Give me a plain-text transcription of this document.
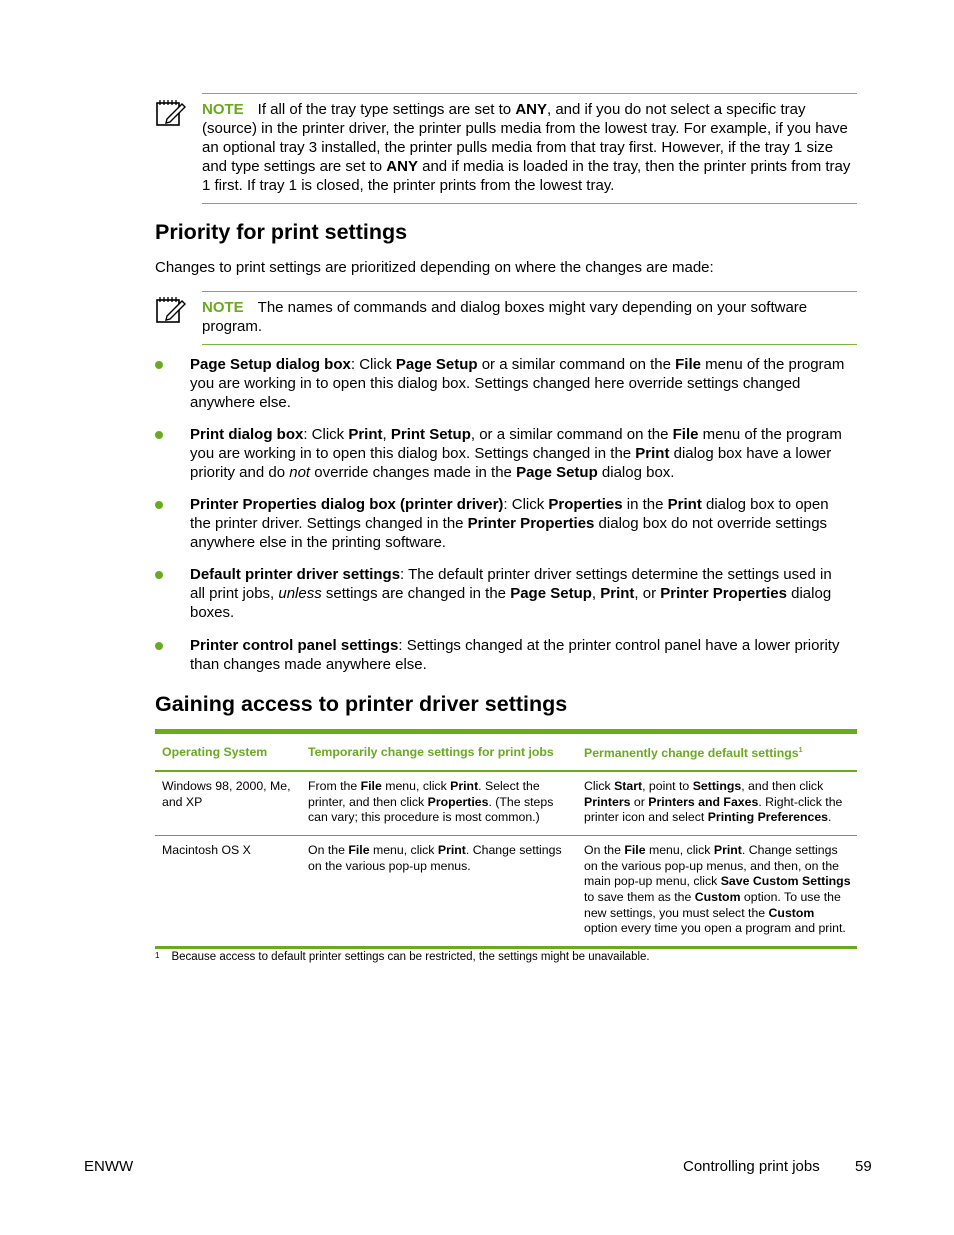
NOTE If all of the tray type settings are set to ANY, and if you do not select a specific tray (source) in the printer driver, the printer pulls media from the lowest tray. For example, if you have an optional tray 3 installed, the printer pulls media from that tray first. However, if the tray 1 size and type settings are set to ANY and if media is loaded in the tray, then the printer prints from tray 1 first. If tray 1 is closed, the printer prints from the lowest tray.
Priority for print settings
Changes to print settings are prioritized depending on where the changes are made:
NOTE The names of commands and dialog boxes might vary depending on your software program.
Page Setup dialog box: Click Page Setup or a similar command on the File menu of the program you are working in to open this dialog box. Settings changed here override settings changed anywhere else.
Print dialog box: Click Print, Print Setup, or a similar command on the File menu of the program you are working in to open this dialog box. Settings changed in the Print dialog box have a lower priority and do not override changes made in the Page Setup dialog box.
Printer Properties dialog box (printer driver): Click Properties in the Print dialog box to open the printer driver. Settings changed in the Printer Properties dialog box do not override settings anywhere else in the printing software.
Default printer driver settings: The default printer driver settings determine the settings used in all print jobs, unless settings are changed in the Page Setup, Print, or Printer Properties dialog boxes.
Printer control panel settings: Settings changed at the printer control panel have a lower priority than changes made anywhere else.
Gaining access to printer driver settings
Operating System	Temporarily change settings for print jobs	Permanently change default settings$^1$
Windows 98, 2000, Me, and XP	From the File menu, click Print. Select the printer, and then click Properties. (The steps can vary; this procedure is most common.)	Click Start, point to Settings, and then click Printers or Printers and Faxes. Right-click the printer icon and select Printing Preferences.
Macintosh OS X	On the File menu, click Print. Change settings on the various pop-up menus.	On the File menu, click Print. Change settings on the various pop-up menus, and then, on the main pop-up menu, click Save Custom Settings to save them as the Custom option. To use the new settings, you must select the Custom option every time you open a program and print.
$^1$ Because access to default printer settings can be restricted, the settings might be unavailable.
ENWW	Controlling print jobs 59
